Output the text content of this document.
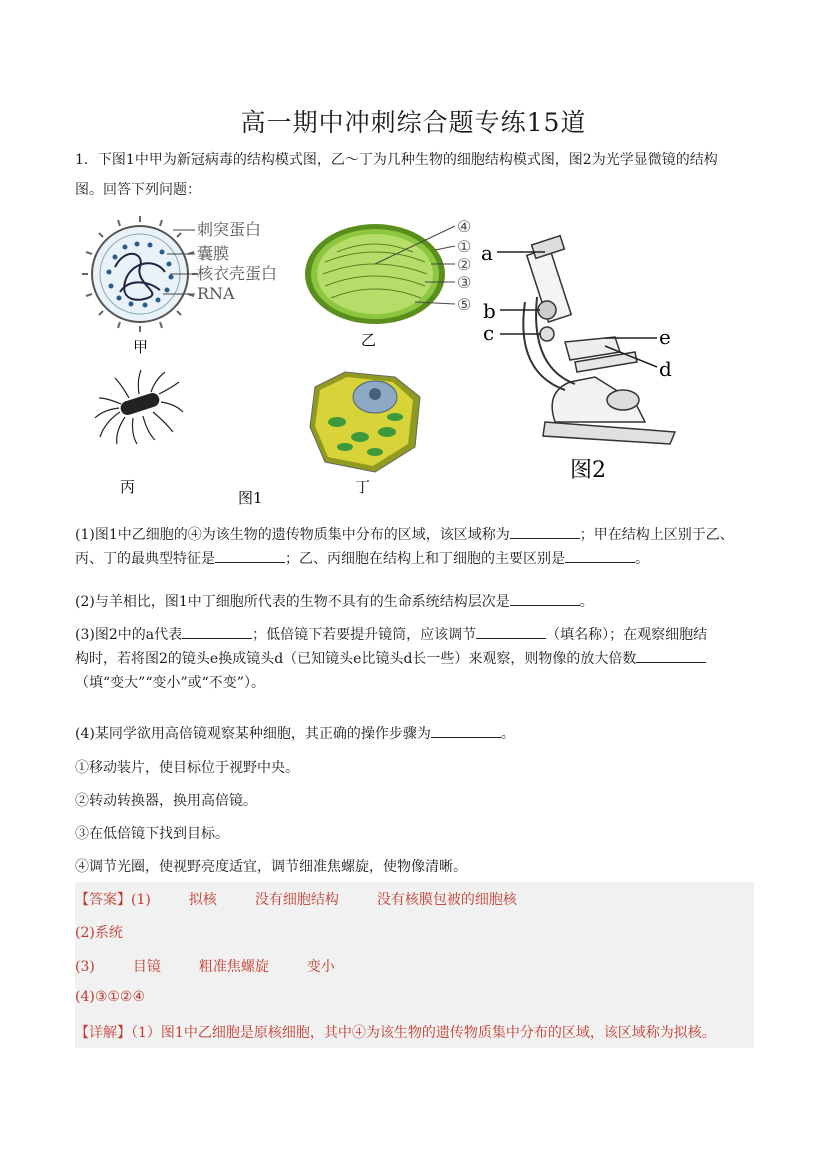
高一期中冲刺综合题专练15道
1．下图1中甲为新冠病毒的结构模式图，乙～丁为几种生物的细胞结构模式图，图2为光学显微镜的结构
图。回答下列问题：
刺突蛋白
囊膜
核衣壳蛋白
RNA
甲
④
①
②
③
⑤
乙
a
b
c	e
d
图2
丙
图1
丁
(1)图1中乙细胞的④为该生物的遗传物质集中分布的区域，该区域称为	；甲在结构上区别于乙、
丙、丁的最典型特征是	；乙、丙细胞在结构上和丁细胞的主要区别是	。
(2)与羊相比，图1中丁细胞所代表的生物不具有的生命系统结构层次是	。
(3)图2中的a代表	；低倍镜下若要提升镜筒，应该调节	（填名称）；在观察细胞结
构时，若将图2的镜头e换成镜头d（已知镜头e比镜头d长一些）来观察，则物像的放大倍数
（填“变大”“变小”或“不变”）。
(4)某同学欲用高倍镜观察某种细胞，其正确的操作步骤为	。
①移动装片，使目标位于视野中央。
②转动转换器，换用高倍镜。
③在低倍镜下找到目标。
④调节光圈，使视野亮度适宜，调节细准焦螺旋，使物像清晰。
【答案】(1)	拟核	没有细胞结构	没有核膜包被的细胞核
(2)系统
(3)	目镜	粗准焦螺旋	变小
(4)③①②④
【详解】（1）图1中乙细胞是原核细胞，其中④为该生物的遗传物质集中分布的区域，该区域称为拟核。
